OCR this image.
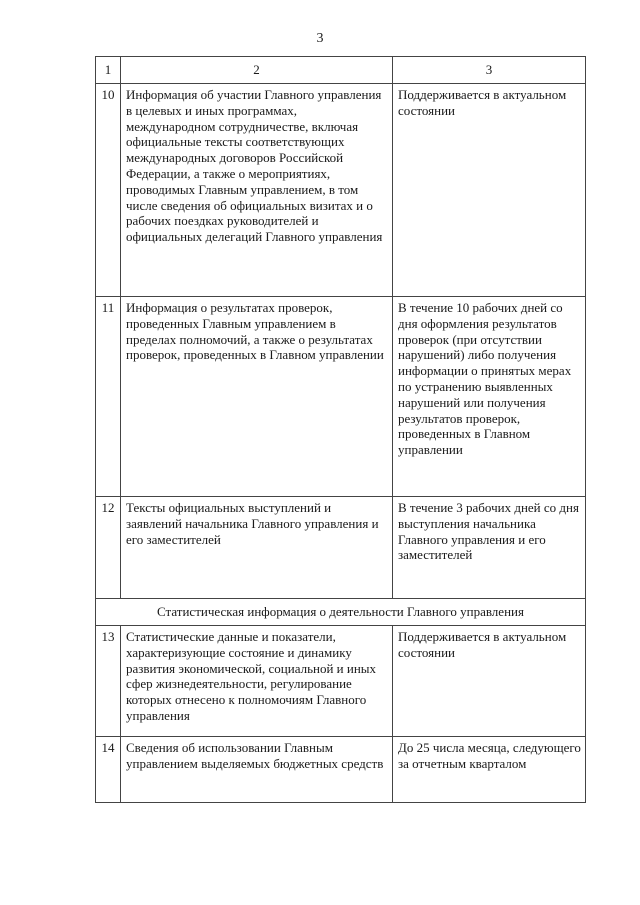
3
1	2	3
10	Информация об участии Главного управления в целевых и иных программах, международном сотрудничестве, включая официальные тексты соответствующих международных договоров Российской Федерации, а также о мероприятиях, проводимых Главным управлением, в том числе сведения об официальных визитах и о рабочих поездках руководителей и официальных делегаций Главного управления	Поддерживается в актуальном состоянии
11	Информация о результатах проверок, проведенных Главным управлением в пределах полномочий, а также о результатах проверок, проведенных в Главном управлении	В течение 10 рабочих дней со дня оформления результатов проверок (при отсутствии нарушений) либо получения информации о принятых мерах по устранению выявленных нарушений или получения результатов проверок, проведенных в Главном управлении
12	Тексты официальных выступлений и заявлений начальника Главного управления и его заместителей	В течение 3 рабочих дней со дня выступления начальника Главного управления и его заместителей
Статистическая информация о деятельности Главного управления		
13	Статистические данные и показатели, характеризующие состояние и динамику развития экономической, социальной и иных сфер жизнедеятельности, регулирование которых отнесено к полномочиям Главного управления	Поддерживается в актуальном состоянии
14	Сведения об использовании Главным управлением выделяемых бюджетных средств	До 25 числа месяца, следующего за отчетным кварталом
